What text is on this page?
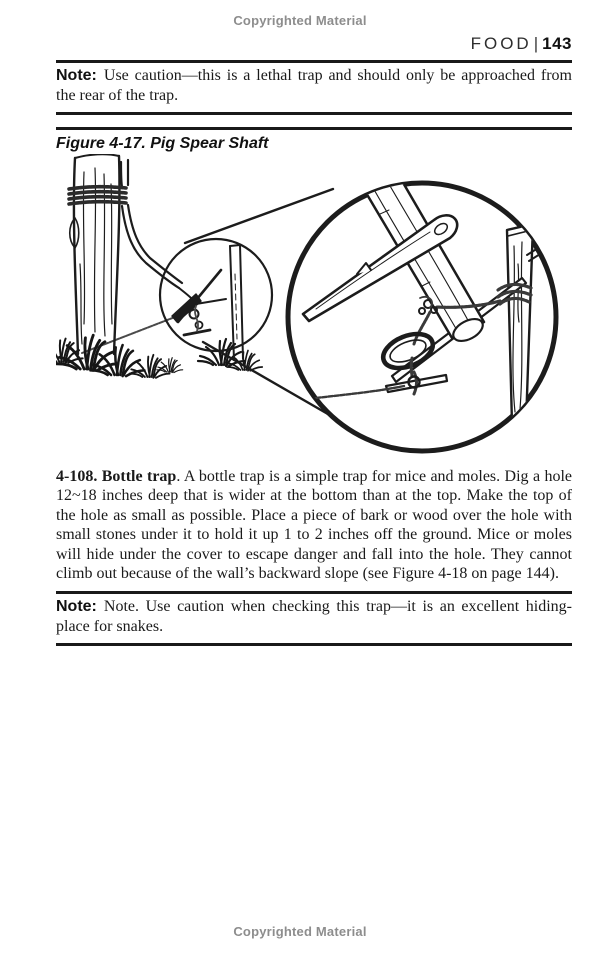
Copyrighted Material
FOOD | 143

Note: Use caution—this is a lethal trap and should only be approached from the rear of the trap.

Figure 4-17. Pig Spear Shaft

4-108. Bottle trap. A bottle trap is a simple trap for mice and moles. Dig a hole 12~18 inches deep that is wider at the bottom than at the top. Make the top of the hole as small as possible. Place a piece of bark or wood over the hole with small stones under it to hold it up 1 to 2 inches off the ground. Mice or moles will hide under the cover to escape danger and fall into the hole. They cannot climb out because of the wall’s backward slope (see Figure 4-18 on page 144).

Note: Note. Use caution when checking this trap—it is an excellent hiding-place for snakes.

Copyrighted Material
